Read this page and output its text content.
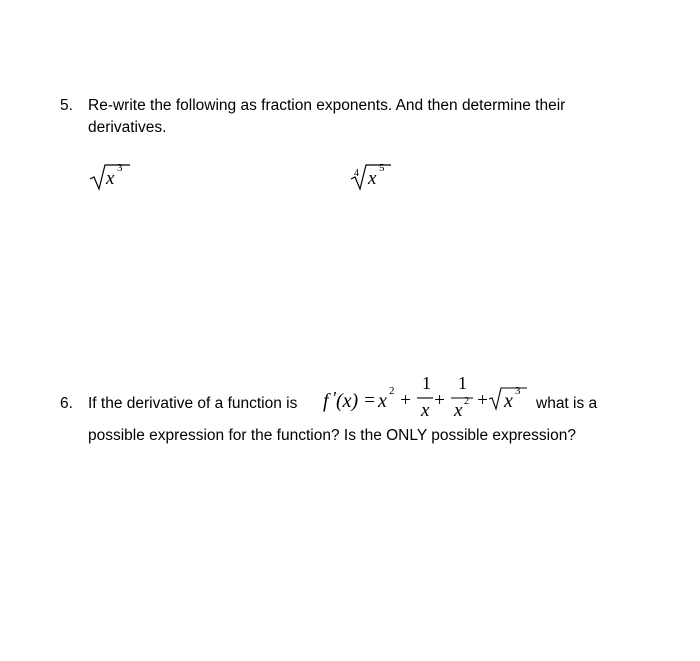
5. Re-write the following as fraction exponents. And then determine their
derivatives.
x 3	4 x 5
6. If the derivative of a function is f ' (x) = x 2 +
1
x +
1
x 2 + x 3
what is a
possible expression for the function? Is the ONLY possible expression?
